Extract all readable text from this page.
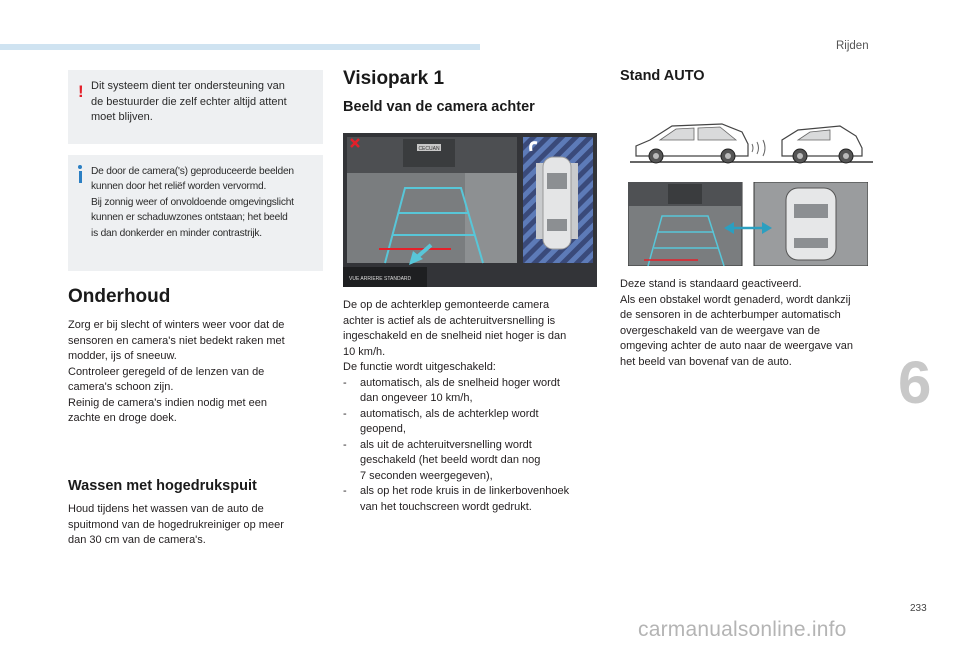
Rijden
6
233
carmanualsonline.info
! Dit systeem dient ter ondersteuning van
de bestuurder die zelf echter altijd attent
moet blijven.
De door de camera('s) geproduceerde beelden
kunnen door het reliëf worden vervormd.
Bij zonnig weer of onvoldoende omgevingslicht
kunnen er schaduwzones ontstaan; het beeld
is dan donkerder en minder contrastrijk.
Onderhoud
Zorg er bij slecht of winters weer voor dat de
sensoren en camera's niet bedekt raken met
modder, ijs of sneeuw.
Controleer geregeld of de lenzen van de
camera's schoon zijn.
Reinig de camera's indien nodig met een
zachte en droge doek.
Wassen met hogedrukspuit
Houd tijdens het wassen van de auto de
spuitmond van de hogedrukreiniger op meer
dan 30 cm van de camera's.
Visiopark 1
Beeld van de camera achter
CECUAN
VUE ARRIERE STANDARD
De op de achterklep gemonteerde camera
achter is actief als de achteruitversnelling is
ingeschakeld en de snelheid niet hoger is dan
10 km/h.
De functie wordt uitgeschakeld:
- automatisch, als de snelheid hoger wordt
dan ongeveer 10 km/h,
- automatisch, als de achterklep wordt
geopend,
- als uit de achteruitversnelling wordt
geschakeld (het beeld wordt dan nog
7 seconden weergegeven),
- als op het rode kruis in de linkerbovenhoek
van het touchscreen wordt gedrukt.
Stand AUTO
Deze stand is standaard geactiveerd.
Als een obstakel wordt genaderd, wordt dankzij
de sensoren in de achterbumper automatisch
overgeschakeld van de weergave van de
omgeving achter de auto naar de weergave van
het beeld van bovenaf van de auto.
